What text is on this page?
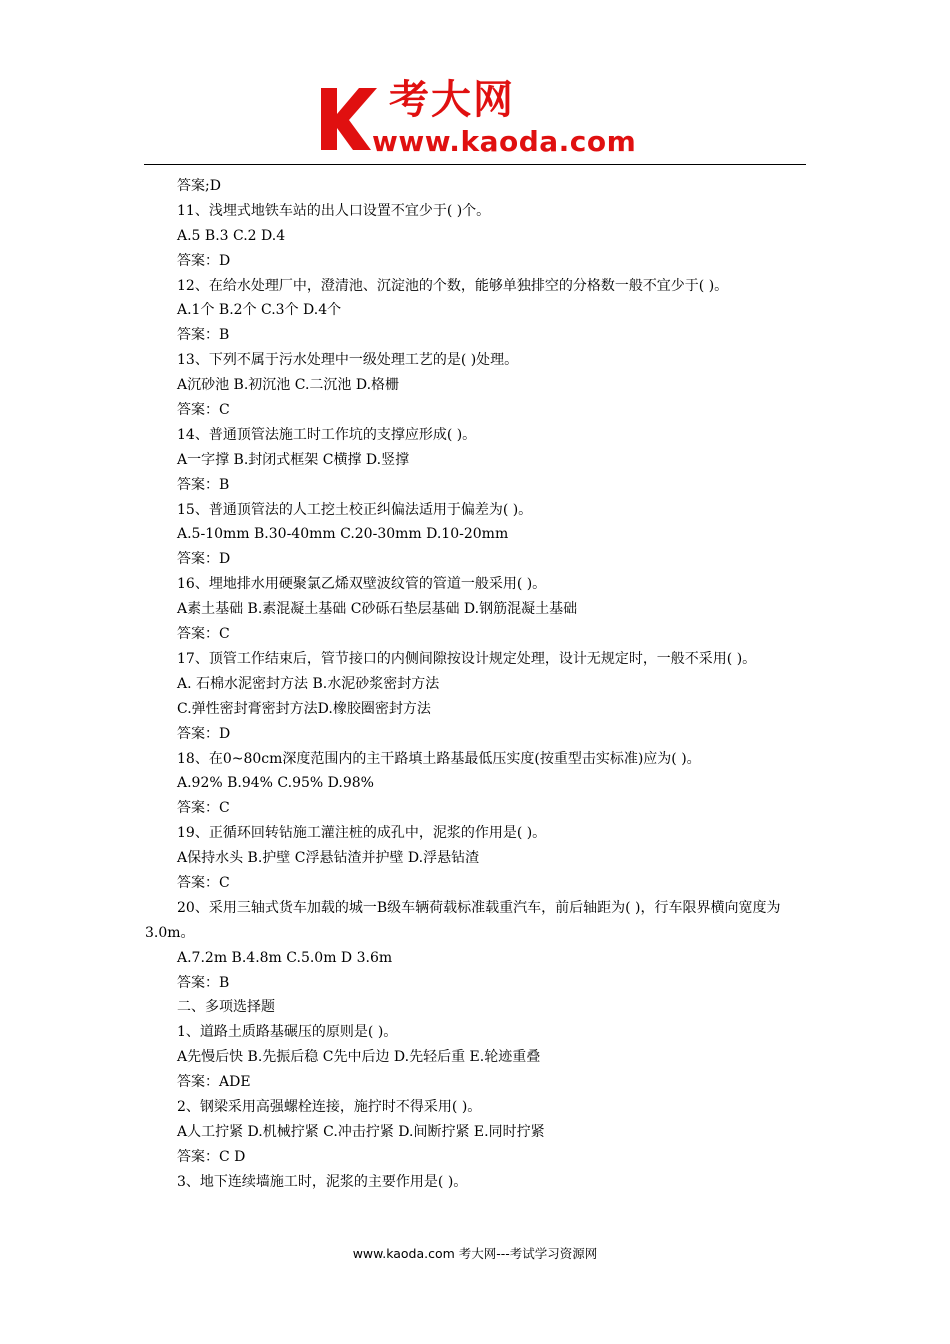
考大网
www.kaoda.com
答案;D
11、浅埋式地铁车站的出人口设置不宜少于( )个。
A.5 B.3 C.2 D.4
答案：D
12、在给水处理厂中，澄清池、沉淀池的个数，能够单独排空的分格数一般不宜少于( )。
A.1个 B.2个 C.3个 D.4个
答案：B
13、下列不属于污水处理中一级处理工艺的是( )处理。
A沉砂池 B.初沉池 C.二沉池 D.格栅
答案：C
14、普通顶管法施工时工作坑的支撑应形成( )。
A一字撑 B.封闭式框架 C横撑 D.竖撑
答案：B
15、普通顶管法的人工挖土校正纠偏法适用于偏差为( )。
A.5-10mm B.30-40mm C.20-30mm D.10-20mm
答案：D
16、埋地排水用硬聚氯乙烯双壁波纹管的管道一般采用( )。
A素土基础 B.素混凝土基础 C砂砾石垫层基础 D.钢筋混凝土基础
答案：C
17、顶管工作结束后，管节接口的内侧间隙按设计规定处理，设计无规定时，一般不采用( )。
A. 石棉水泥密封方法 B.水泥砂浆密封方法
C.弹性密封膏密封方法D.橡胶圈密封方法
答案：D
18、在0~80cm深度范围内的主干路填土路基最低压实度(按重型击实标准)应为( )。
A.92% B.94% C.95% D.98%
答案：C
19、正循环回转钻施工灌注桩的成孔中，泥浆的作用是( )。
A保持水头 B.护壁 C浮悬钻渣并护壁 D.浮悬钻渣
答案：C
20、采用三轴式货车加载的城一B级车辆荷载标准载重汽车，前后轴距为( )，行车限界横向宽度为3.0m。
A.7.2m B.4.8m C.5.0m D 3.6m
答案：B
二、多项选择题
1、道路土质路基碾压的原则是( )。
A先慢后快 B.先振后稳 C先中后边 D.先轻后重 E.轮迹重叠
答案：ADE
2、钢梁采用高强螺栓连接，施拧时不得采用( )。
A人工拧紧 D.机械拧紧 C.冲击拧紧 D.间断拧紧 E.同时拧紧
答案：C D
3、地下连续墙施工时，泥浆的主要作用是( )。
www.kaoda.com 考大网---考试学习资源网
